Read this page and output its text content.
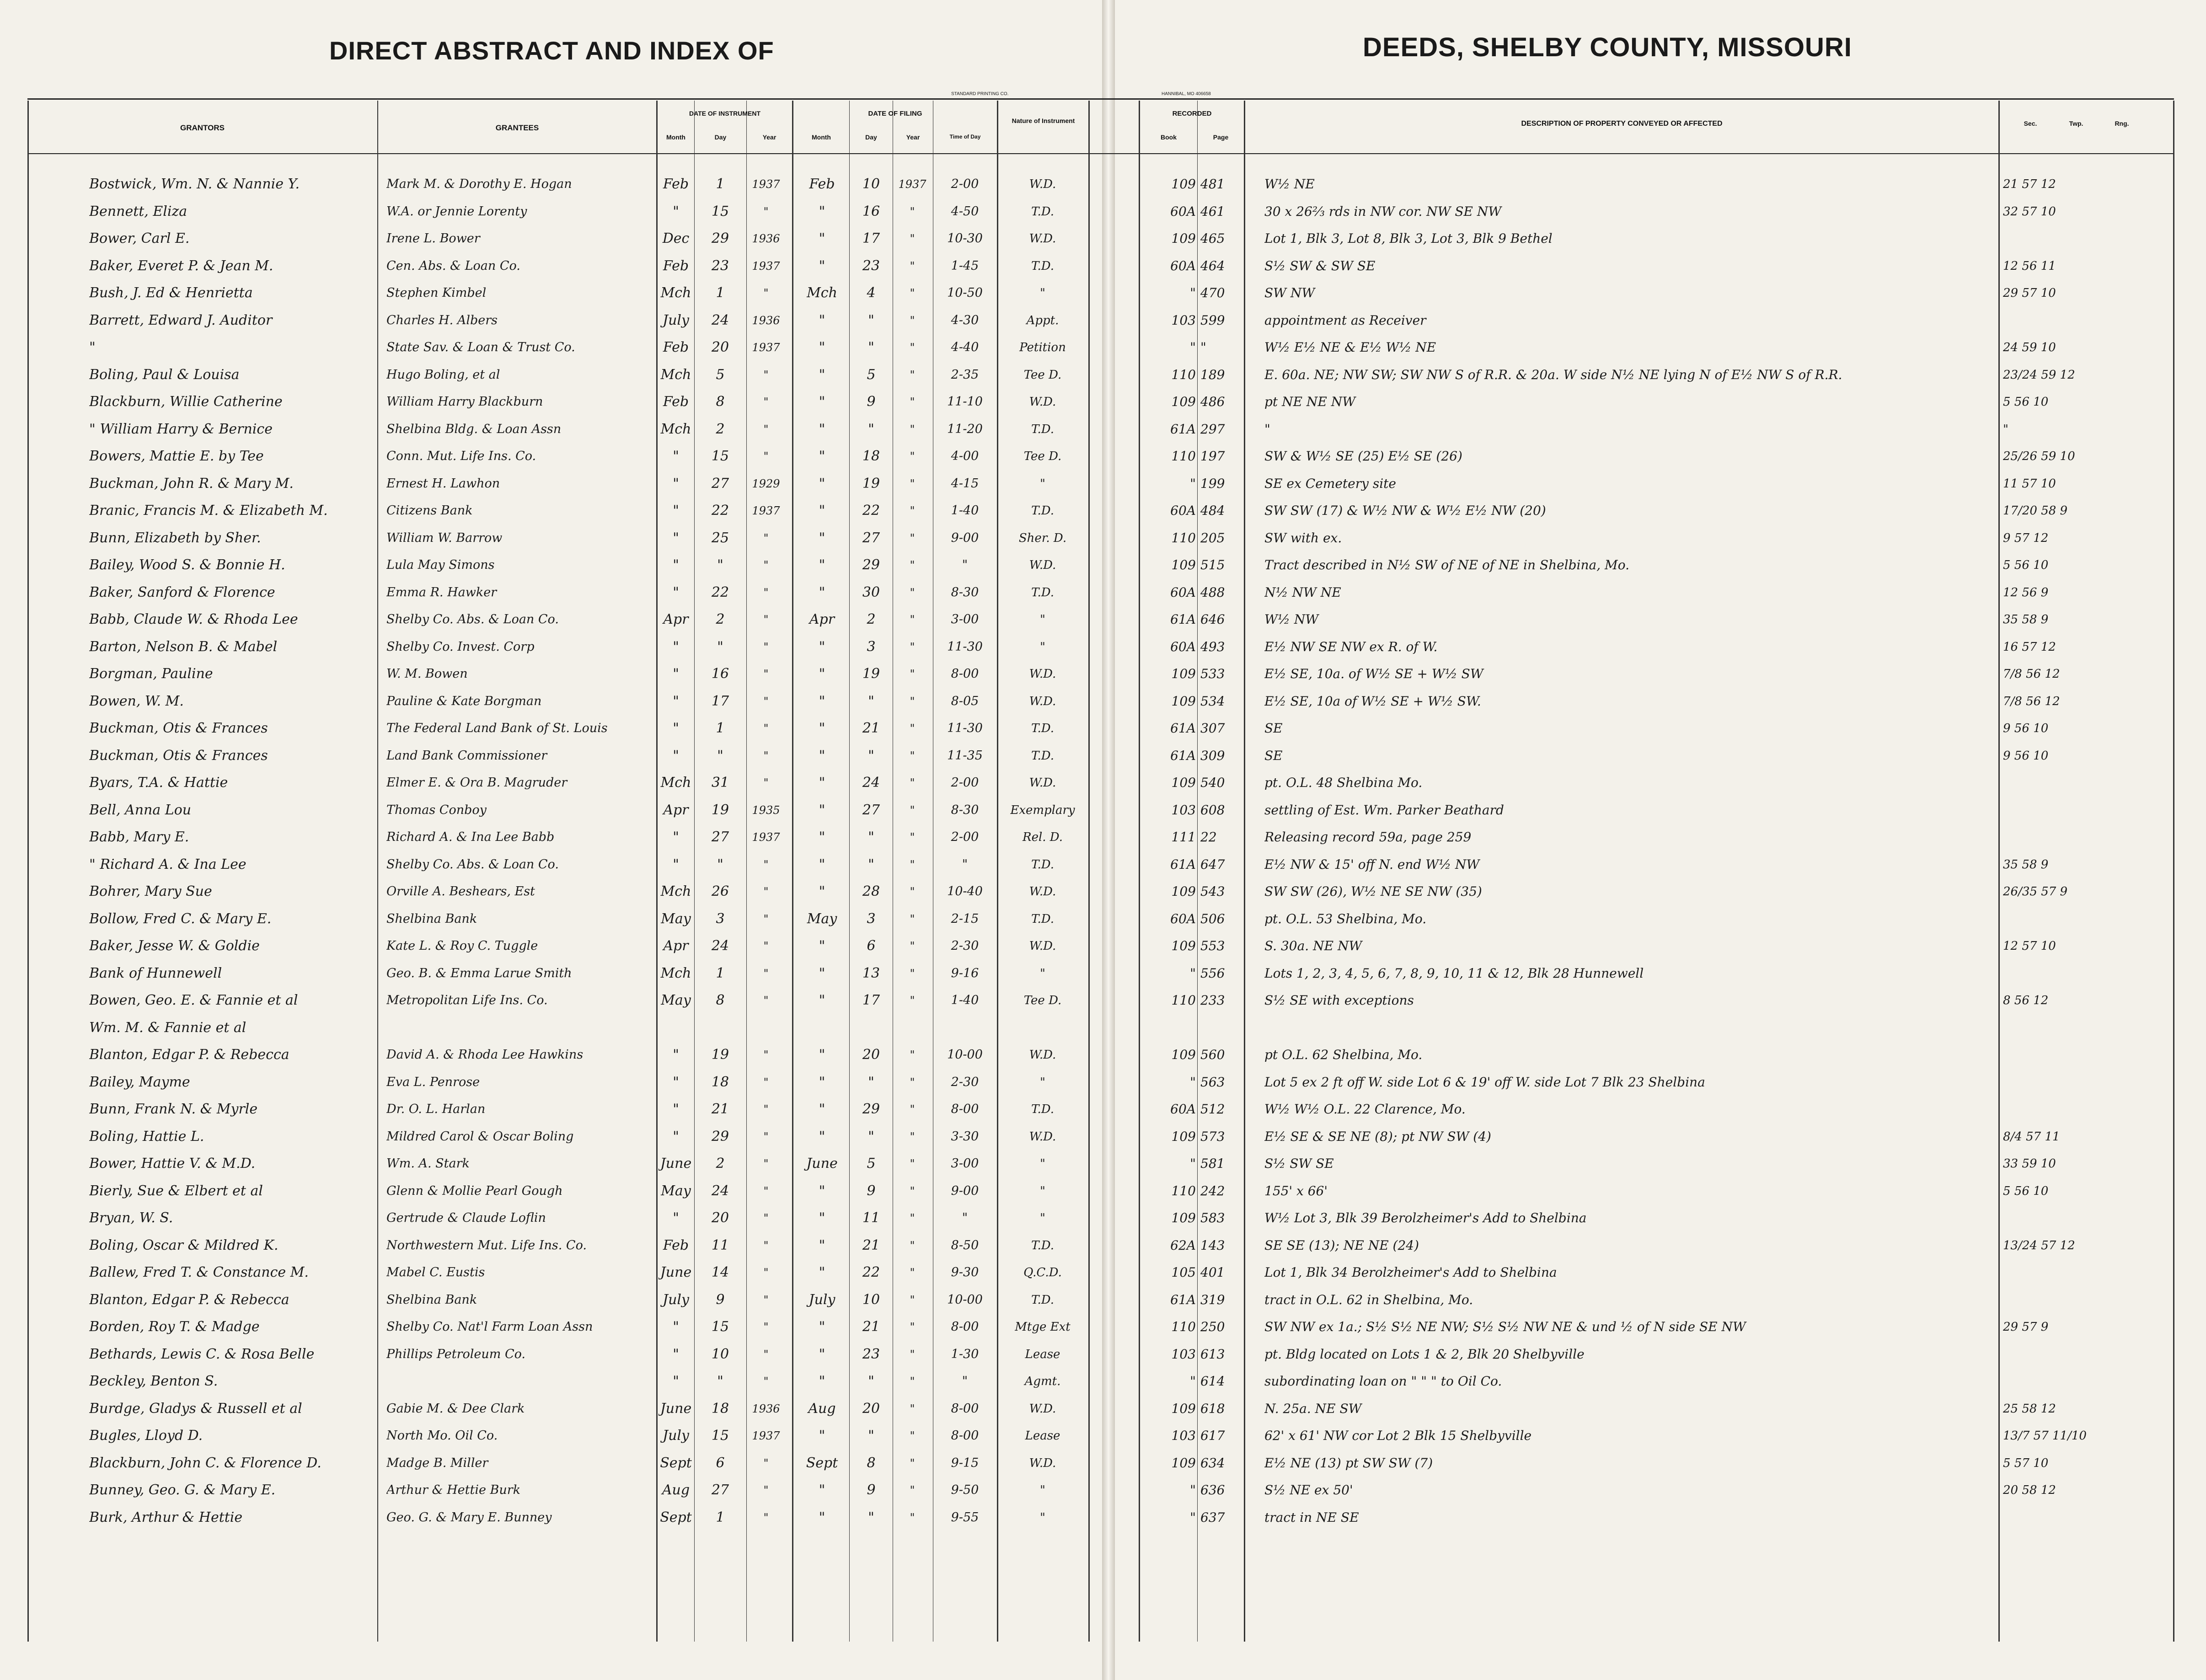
DIRECT ABSTRACT AND INDEX OF	DEEDS, SHELBY COUNTY, MISSOURI
STANDARD PRINTING CO.	HANNIBAL, MO 406658
GRANTORS	GRANTEES
DATE OF INSTRUMENT
Month	Day	Year
DATE OF FILING
Month	Day	Year	Time of Day
Nature of Instrument
RECORDED
Book	Page
DESCRIPTION OF PROPERTY CONVEYED OR AFFECTED	Sec.	Twp.	Rng.
Bostwick, Wm. N. & Nannie Y.	Mark M. & Dorothy E. Hogan	Feb	1	1937	Feb	10	1937	2-00	W.D.	109 481	W½ NE	21 57 12
Bennett, Eliza	W.A. or Jennie Lorenty	"	15	"	"	16	"	4-50	T.D.	60A 461	30 x 26⅔ rds in NW cor. NW SE NW	32 57 10
Bower, Carl E.	Irene L. Bower	Dec	29	1936	"	17	"	10-30	W.D.	109 465	Lot 1, Blk 3, Lot 8, Blk 3, Lot 3, Blk 9 Bethel
Baker, Everet P. & Jean M.	Cen. Abs. & Loan Co.	Feb	23	1937	"	23	"	1-45	T.D.	60A 464	S½ SW & SW SE	12 56 11
Bush, J. Ed & Henrietta	Stephen Kimbel	Mch	1	"	Mch	4	"	10-50	"	" 470	SW NW	29 57 10
Barrett, Edward J. Auditor	Charles H. Albers	July	24	1936	"	"	"	4-30	Appt.	103 599	appointment as Receiver
"	State Sav. & Loan & Trust Co.	Feb	20	1937	"	"	"	4-40	Petition	" "	W½ E½ NE & E½ W½ NE	24 59 10
Boling, Paul & Louisa	Hugo Boling, et al	Mch	5	"	"	5	"	2-35	Tee D.	110 189	E. 60a. NE; NW SW; SW NW S of R.R. & 20a. W side N½ NE lying N of E½ NW S of R.R.	23/24 59 12
Blackburn, Willie Catherine	William Harry Blackburn	Feb	8	"	"	9	"	11-10	W.D.	109 486	pt NE NE NW	5 56 10
" William Harry & Bernice	Shelbina Bldg. & Loan Assn	Mch	2	"	"	"	"	11-20	T.D.	61A 297	"	"
Bowers, Mattie E. by Tee	Conn. Mut. Life Ins. Co.	"	15	"	"	18	"	4-00	Tee D.	110 197	SW & W½ SE (25) E½ SE (26)	25/26 59 10
Buckman, John R. & Mary M.	Ernest H. Lawhon	"	27	1929	"	19	"	4-15	"	" 199	SE ex Cemetery site	11 57 10
Branic, Francis M. & Elizabeth M.	Citizens Bank	"	22	1937	"	22	"	1-40	T.D.	60A 484	SW SW (17) & W½ NW & W½ E½ NW (20)	17/20 58 9
Bunn, Elizabeth by Sher.	William W. Barrow	"	25	"	"	27	"	9-00	Sher. D.	110 205	SW with ex.	9 57 12
Bailey, Wood S. & Bonnie H.	Lula May Simons	"	"	"	"	29	"	"	W.D.	109 515	Tract described in N½ SW of NE of NE in Shelbina, Mo.	5 56 10
Baker, Sanford & Florence	Emma R. Hawker	"	22	"	"	30	"	8-30	T.D.	60A 488	N½ NW NE	12 56 9
Babb, Claude W. & Rhoda Lee	Shelby Co. Abs. & Loan Co.	Apr	2	"	Apr	2	"	3-00	"	61A 646	W½ NW	35 58 9
Barton, Nelson B. & Mabel	Shelby Co. Invest. Corp	"	"	"	"	3	"	11-30	"	60A 493	E½ NW SE NW ex R. of W.	16 57 12
Borgman, Pauline	W. M. Bowen	"	16	"	"	19	"	8-00	W.D.	109 533	E½ SE, 10a. of W½ SE + W½ SW	7/8 56 12
Bowen, W. M.	Pauline & Kate Borgman	"	17	"	"	"	"	8-05	W.D.	109 534	E½ SE, 10a of W½ SE + W½ SW.	7/8 56 12
Buckman, Otis & Frances	The Federal Land Bank of St. Louis	"	1	"	"	21	"	11-30	T.D.	61A 307	SE	9 56 10
Buckman, Otis & Frances	Land Bank Commissioner	"	"	"	"	"	"	11-35	T.D.	61A 309	SE	9 56 10
Byars, T.A. & Hattie	Elmer E. & Ora B. Magruder	Mch	31	"	"	24	"	2-00	W.D.	109 540	pt. O.L. 48 Shelbina Mo.
Bell, Anna Lou	Thomas Conboy	Apr	19	1935	"	27	"	8-30	Exemplary	103 608	settling of Est. Wm. Parker Beathard
Babb, Mary E.	Richard A. & Ina Lee Babb	"	27	1937	"	"	"	2-00	Rel. D.	111 22	Releasing record 59a, page 259
" Richard A. & Ina Lee	Shelby Co. Abs. & Loan Co.	"	"	"	"	"	"	"	T.D.	61A 647	E½ NW & 15' off N. end W½ NW	35 58 9
Bohrer, Mary Sue	Orville A. Beshears, Est	Mch	26	"	"	28	"	10-40	W.D.	109 543	SW SW (26), W½ NE SE NW (35)	26/35 57 9
Bollow, Fred C. & Mary E.	Shelbina Bank	May	3	"	May	3	"	2-15	T.D.	60A 506	pt. O.L. 53 Shelbina, Mo.
Baker, Jesse W. & Goldie	Kate L. & Roy C. Tuggle	Apr	24	"	"	6	"	2-30	W.D.	109 553	S. 30a. NE NW	12 57 10
Bank of Hunnewell	Geo. B. & Emma Larue Smith	Mch	1	"	"	13	"	9-16	"	" 556	Lots 1, 2, 3, 4, 5, 6, 7, 8, 9, 10, 11 & 12, Blk 28 Hunnewell
Bowen, Geo. E. & Fannie et al	Metropolitan Life Ins. Co.	May	8	"	"	17	"	1-40	Tee D.	110 233	S½ SE with exceptions	8 56 12
Wm. M. & Fannie et al
Blanton, Edgar P. & Rebecca	David A. & Rhoda Lee Hawkins	"	19	"	"	20	"	10-00	W.D.	109 560	pt O.L. 62 Shelbina, Mo.
Bailey, Mayme	Eva L. Penrose	"	18	"	"	"	"	2-30	"	" 563	Lot 5 ex 2 ft off W. side Lot 6 & 19' off W. side Lot 7 Blk 23 Shelbina
Bunn, Frank N. & Myrle	Dr. O. L. Harlan	"	21	"	"	29	"	8-00	T.D.	60A 512	W½ W½ O.L. 22 Clarence, Mo.
Boling, Hattie L.	Mildred Carol & Oscar Boling	"	29	"	"	"	"	3-30	W.D.	109 573	E½ SE & SE NE (8); pt NW SW (4)	8/4 57 11
Bower, Hattie V. & M.D.	Wm. A. Stark	June	2	"	June	5	"	3-00	"	" 581	S½ SW SE	33 59 10
Bierly, Sue & Elbert et al	Glenn & Mollie Pearl Gough	May	24	"	"	9	"	9-00	"	110 242	155' x 66'	5 56 10
Bryan, W. S.	Gertrude & Claude Loflin	"	20	"	"	11	"	"	"	109 583	W½ Lot 3, Blk 39 Berolzheimer's Add to Shelbina
Boling, Oscar & Mildred K.	Northwestern Mut. Life Ins. Co.	Feb	11	"	"	21	"	8-50	T.D.	62A 143	SE SE (13); NE NE (24)	13/24 57 12
Ballew, Fred T. & Constance M.	Mabel C. Eustis	June	14	"	"	22	"	9-30	Q.C.D.	105 401	Lot 1, Blk 34 Berolzheimer's Add to Shelbina
Blanton, Edgar P. & Rebecca	Shelbina Bank	July	9	"	July	10	"	10-00	T.D.	61A 319	tract in O.L. 62 in Shelbina, Mo.
Borden, Roy T. & Madge	Shelby Co. Nat'l Farm Loan Assn	"	15	"	"	21	"	8-00	Mtge Ext	110 250	SW NW ex 1a.; S½ S½ NE NW; S½ S½ NW NE & und ½ of N side SE NW	29 57 9
Bethards, Lewis C. & Rosa Belle	Phillips Petroleum Co.	"	10	"	"	23	"	1-30	Lease	103 613	pt. Bldg located on Lots 1 & 2, Blk 20 Shelbyville
Beckley, Benton S.	"	"	"	"	"	"	"	Agmt.	" 614	subordinating loan on " " " to Oil Co.
Burdge, Gladys & Russell et al	Gabie M. & Dee Clark	June	18	1936	Aug	20	"	8-00	W.D.	109 618	N. 25a. NE SW	25 58 12
Bugles, Lloyd D.	North Mo. Oil Co.	July	15	1937	"	"	"	8-00	Lease	103 617	62' x 61' NW cor Lot 2 Blk 15 Shelbyville	13/7 57 11/10
Blackburn, John C. & Florence D.	Madge B. Miller	Sept	6	"	Sept	8	"	9-15	W.D.	109 634	E½ NE (13) pt SW SW (7)	5 57 10
Bunney, Geo. G. & Mary E.	Arthur & Hettie Burk	Aug	27	"	"	9	"	9-50	"	" 636	S½ NE ex 50'	20 58 12
Burk, Arthur & Hettie	Geo. G. & Mary E. Bunney	Sept	1	"	"	"	"	9-55	"	" 637	tract in NE SE
